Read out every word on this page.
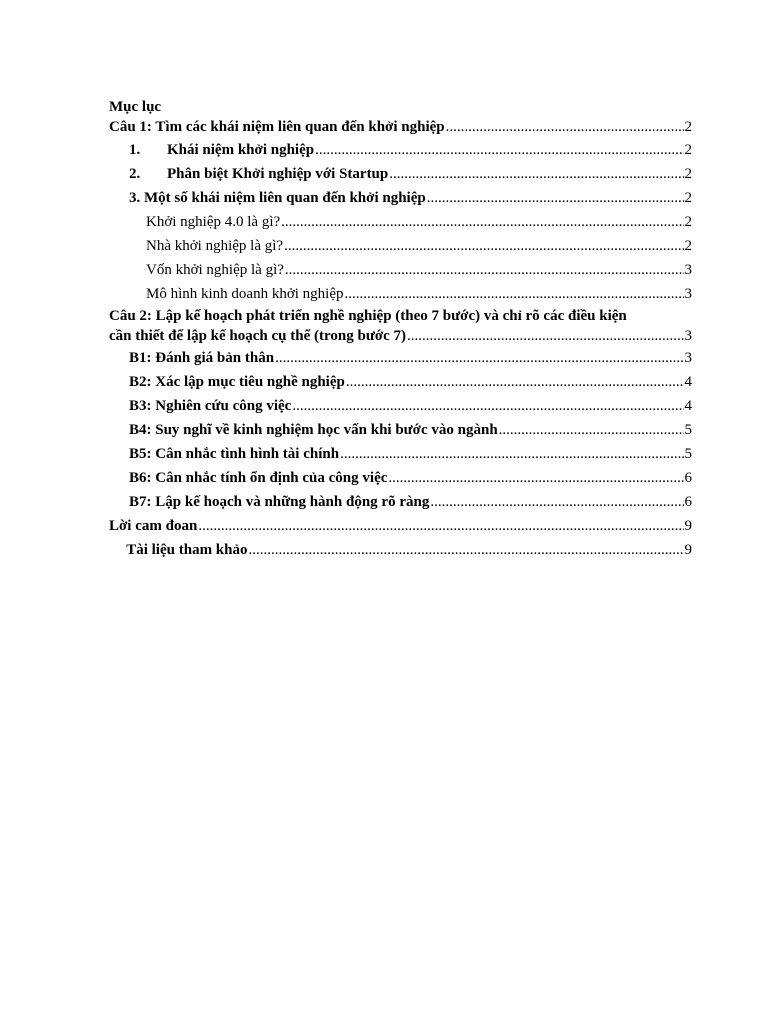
Mục lục
Câu 1: Tìm các khái niệm liên quan đến khởi nghiệp .....	2
1.	Khái niệm khởi nghiệp .....	2
2.	Phân biệt Khởi nghiệp với Startup .....	2
3. Một số khái niệm liên quan đến khởi nghiệp .....	2
Khởi nghiệp 4.0 là gì? .....	2
Nhà khởi nghiệp là gì? .....	2
Vốn khởi nghiệp là gì? .....	3
Mô hình kinh doanh khởi nghiệp .....	3
Câu 2: Lập kế hoạch phát triển nghề nghiệp (theo 7 bước) và chỉ rõ các điều kiện
cần thiết để lập kế hoạch cụ thể (trong bước 7) .....	3
B1: Đánh giá bản thân .....	3
B2: Xác lập mục tiêu nghề nghiệp .....	4
B3: Nghiên cứu công việc .....	4
B4: Suy nghĩ về kinh nghiệm học vấn khi bước vào ngành .....	5
B5: Cân nhắc tình hình tài chính .....	5
B6: Cân nhắc tính ổn định của công việc .....	6
B7: Lập kế hoạch và những hành động rõ ràng .....	6
Lời cam đoan .....	9
Tài liệu tham khảo .....	9
